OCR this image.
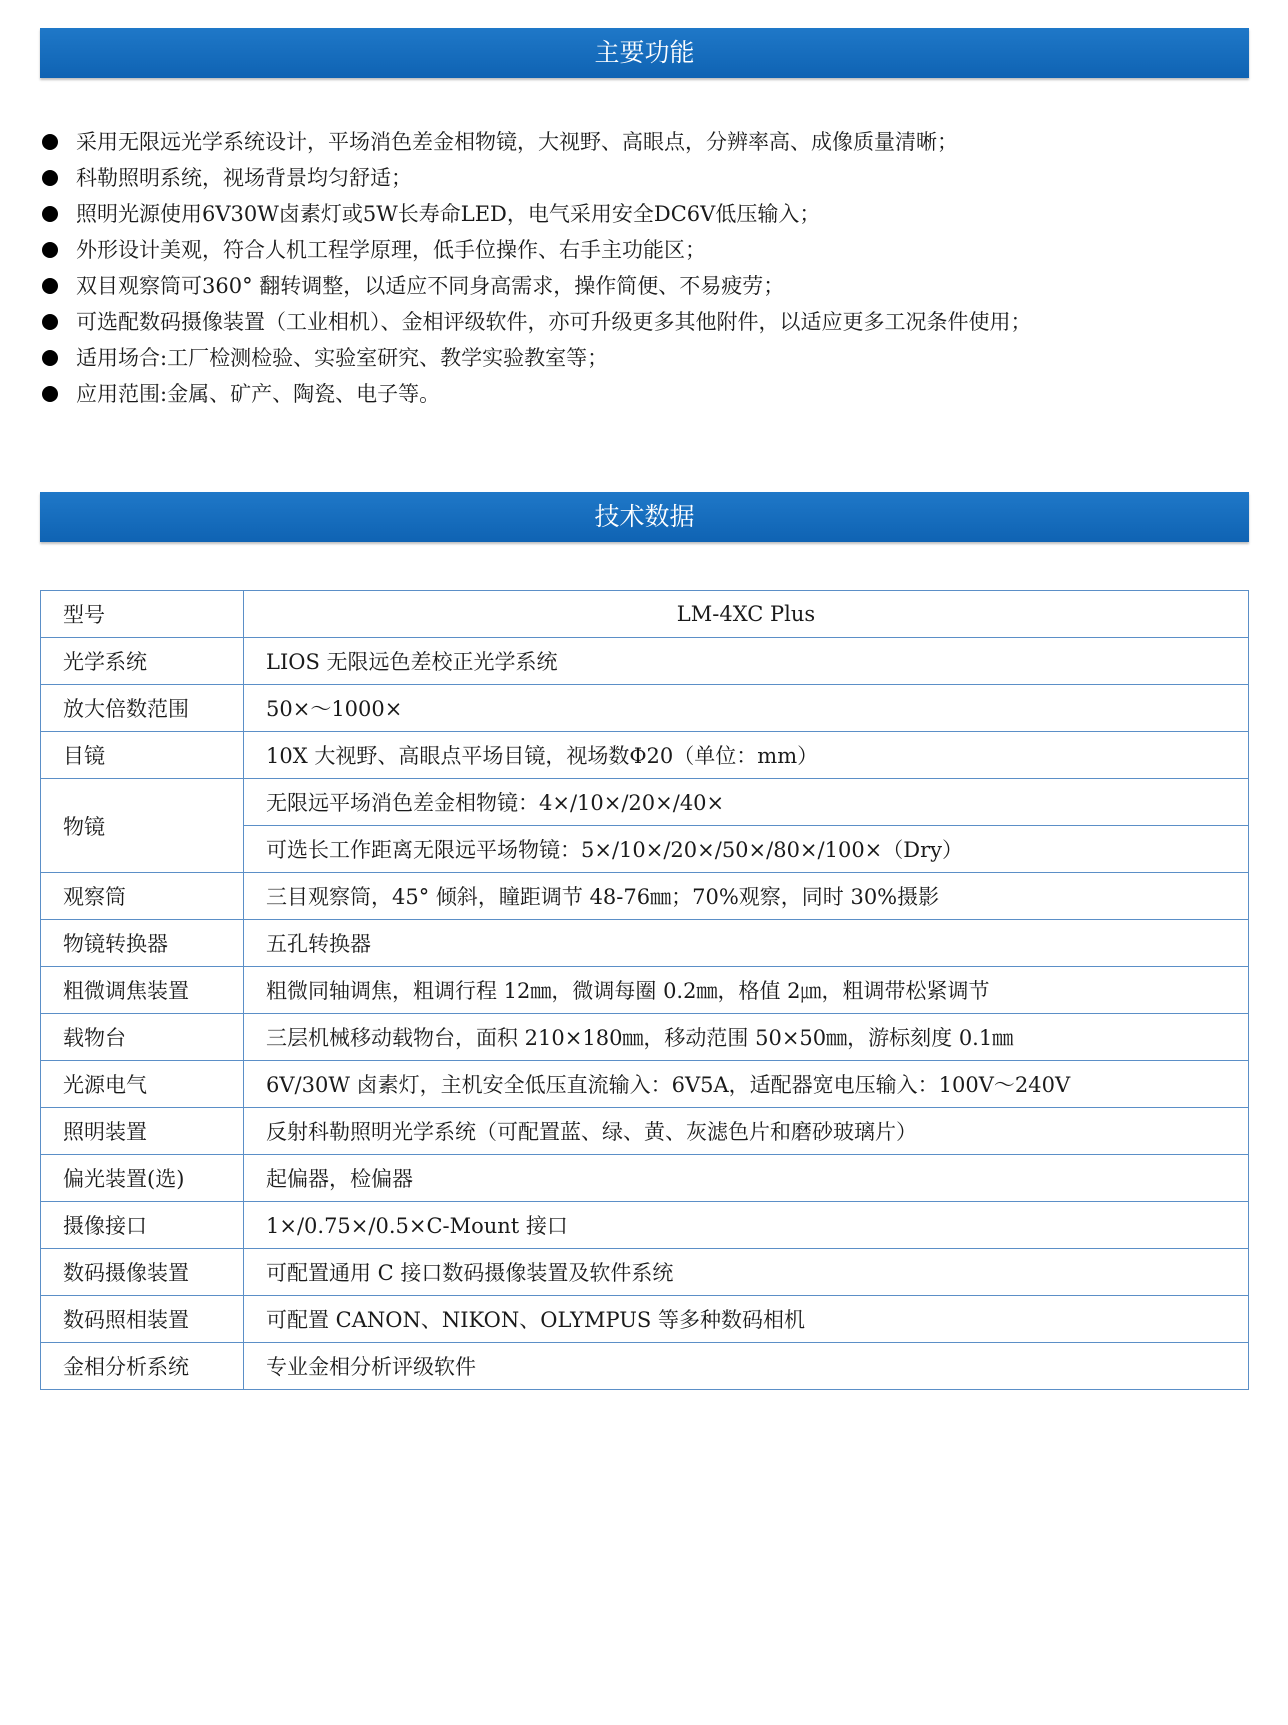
主要功能
采用无限远光学系统设计，平场消色差金相物镜，大视野、高眼点，分辨率高、成像质量清晰；
科勒照明系统，视场背景均匀舒适；
照明光源使用6V30W卤素灯或5W长寿命LED，电气采用安全DC6V低压输入；
外形设计美观，符合人机工程学原理，低手位操作、右手主功能区；
双目观察筒可360° 翻转调整，以适应不同身高需求，操作简便、不易疲劳；
可选配数码摄像装置（工业相机）、金相评级软件，亦可升级更多其他附件，以适应更多工况条件使用；
适用场合:工厂检测检验、实验室研究、教学实验教室等；
应用范围:金属、矿产、陶瓷、电子等。
技术数据
型号	LM-4XC Plus
光学系统	LIOS 无限远色差校正光学系统
放大倍数范围	50×～1000×
目镜	10X 大视野、高眼点平场目镜，视场数Φ20（单位：mm）
物镜	无限远平场消色差金相物镜：4×/10×/20×/40×
	可选长工作距离无限远平场物镜：5×/10×/20×/50×/80×/100×（Dry）
观察筒	三目观察筒，45° 倾斜，瞳距调节 48-76㎜；70%观察，同时 30%摄影
物镜转换器	五孔转换器
粗微调焦装置	粗微同轴调焦，粗调行程 12㎜，微调每圈 0.2㎜，格值 2㎛，粗调带松紧调节
载物台	三层机械移动载物台，面积 210×180㎜，移动范围 50×50㎜，游标刻度 0.1㎜
光源电气	6V/30W 卤素灯，主机安全低压直流输入：6V5A，适配器宽电压输入：100V～240V
照明装置	反射科勒照明光学系统（可配置蓝、绿、黄、灰滤色片和磨砂玻璃片）
偏光装置(选)	起偏器，检偏器
摄像接口	1×/0.75×/0.5×C-Mount 接口
数码摄像装置	可配置通用 C 接口数码摄像装置及软件系统
数码照相装置	可配置 CANON、NIKON、OLYMPUS 等多种数码相机
金相分析系统	专业金相分析评级软件
